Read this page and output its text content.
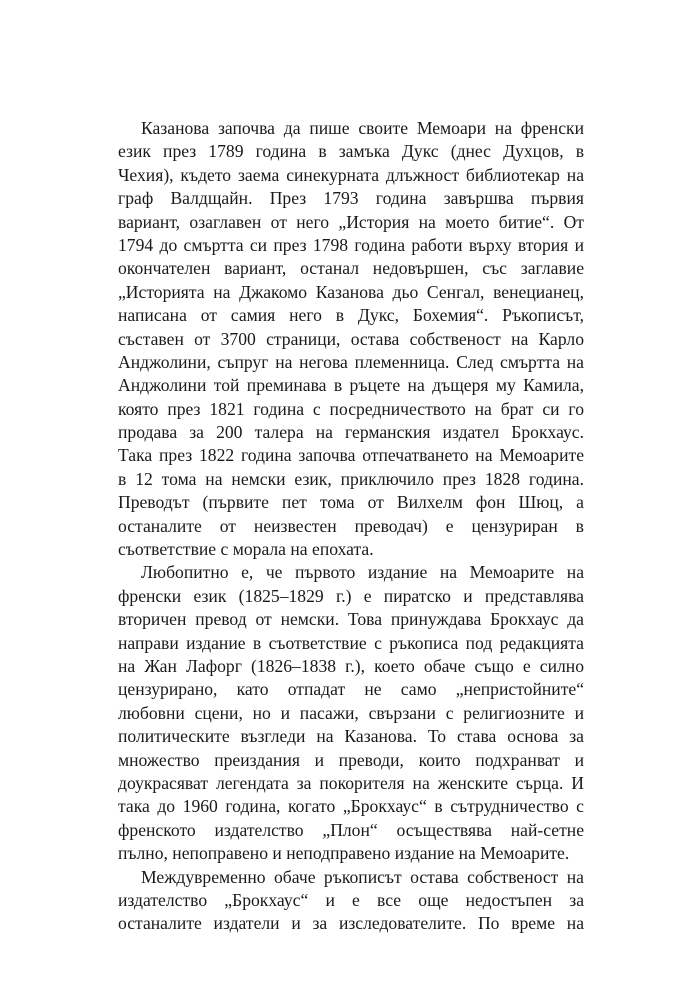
Казанова започва да пише своите Мемоари на френски
език през 1789 година в замъка Дукс (днес Духцов, в
Чехия), където заема синекурната длъжност библиотекар на
граф Валдщайн. През 1793 година завършва първия
вариант, озаглавен от него „История на моето битие“. От
1794 до смъртта си през 1798 година работи върху втория и
окончателен вариант, останал недовършен, със заглавие
„Историята на Джакомо Казанова дьо Сенгал, венецианец,
написана от самия него в Дукс, Бохемия“. Ръкописът,
съставен от 3700 страници, остава собственост на Карло
Анджолини, съпруг на негова племенница. След смъртта на
Анджолини той преминава в ръцете на дъщеря му Камила,
която през 1821 година с посредничеството на брат си го
продава за 200 талера на германския издател Брокхаус.
Така през 1822 година започва отпечатването на Мемоарите
в 12 тома на немски език, приключило през 1828 година.
Преводът (първите пет тома от Вилхелм фон Шюц, а
останалите от неизвестен преводач) е цензуриран в
съответствие с морала на епохата.
Любопитно е, че първото издание на Мемоарите на
френски език (1825–1829 г.) е пиратско и представлява
вторичен превод от немски. Това принуждава Брокхаус да
направи издание в съответствие с ръкописа под редакцията
на Жан Лафорг (1826–1838 г.), което обаче също е силно
цензурирано, като отпадат не само „непристойните“
любовни сцени, но и пасажи, свързани с религиозните и
политическите възгледи на Казанова. То става основа за
множество преиздания и преводи, които подхранват и
доукрасяват легендата за покорителя на женските сърца. И
така до 1960 година, когато „Брокхаус“ в сътрудничество с
френското издателство „Плон“ осъществява най-сетне
пълно, непоправено и неподправено издание на Мемоарите.
Междувременно обаче ръкописът остава собственост на
издателство „Брокхаус“ и е все още недостъпен за
останалите издатели и за изследователите. По време на
